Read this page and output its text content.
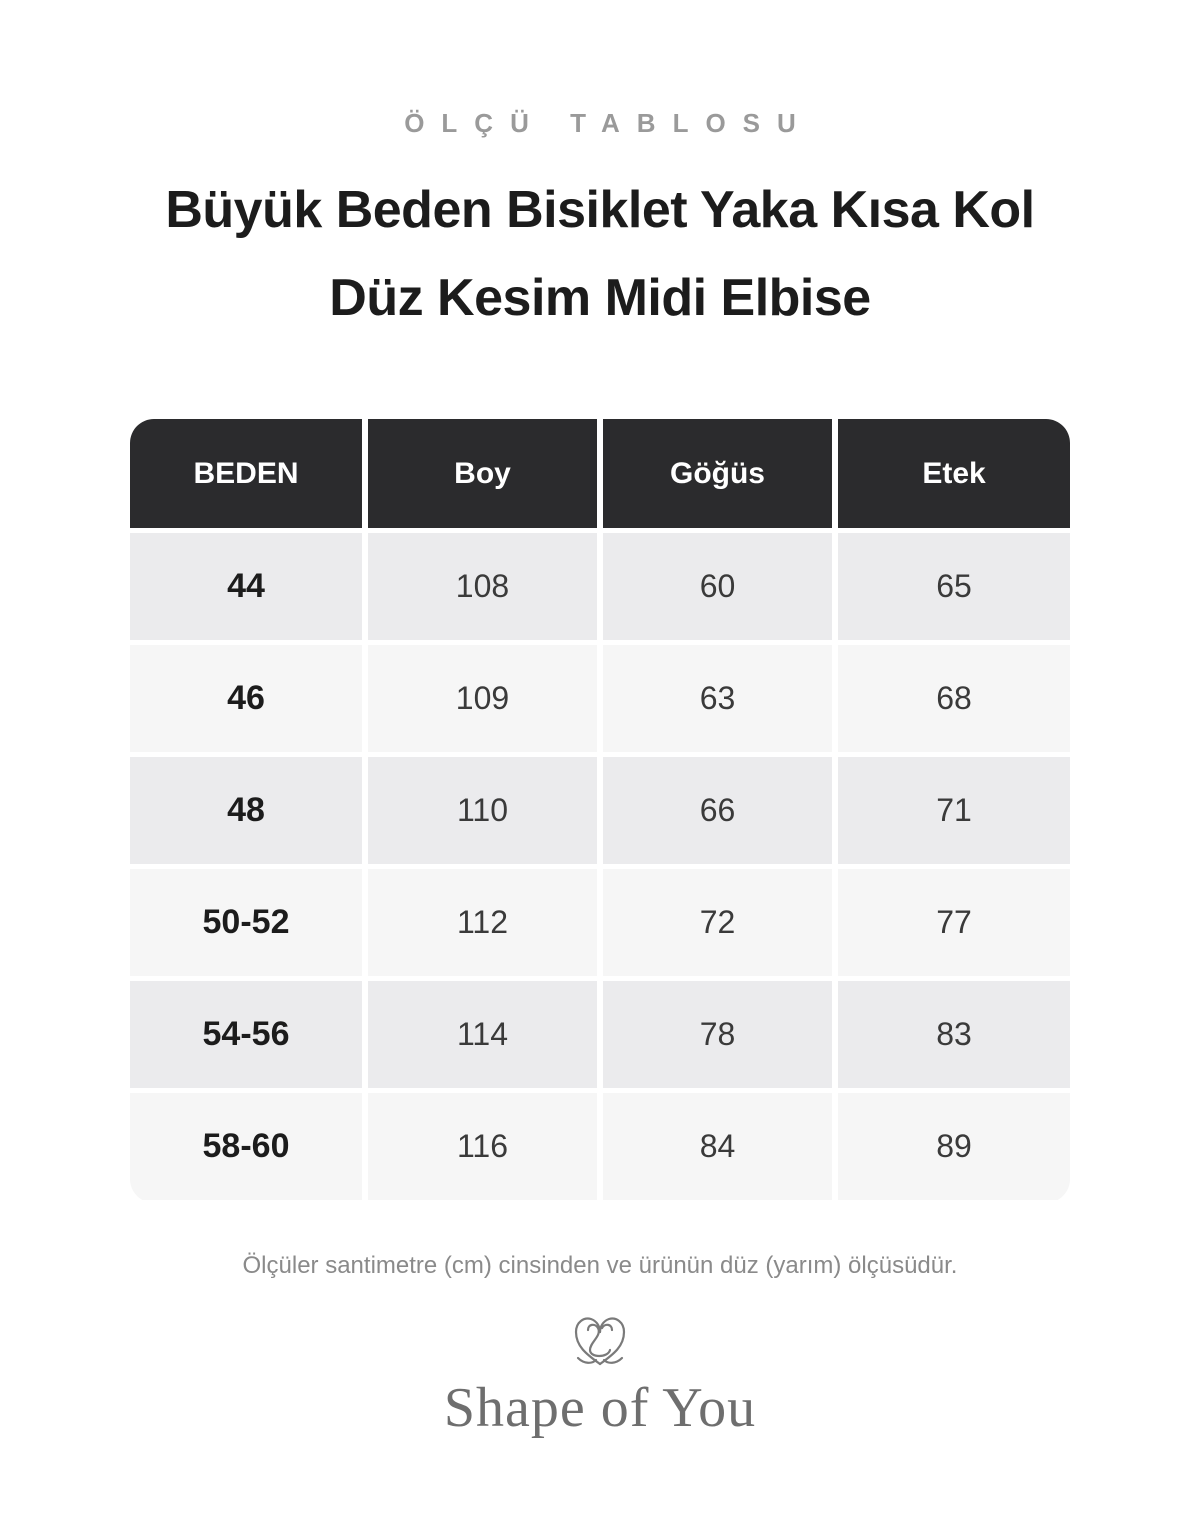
ÖLÇÜ TABLOSU
Büyük Beden Bisiklet Yaka Kısa Kol
Düz Kesim Midi Elbise
BEDEN	Boy	Göğüs	Etek
44	108	60	65
46	109	63	68
48	110	66	71
50-52	112	72	77
54-56	114	78	83
58-60	116	84	89
Ölçüler santimetre (cm) cinsinden ve ürünün düz (yarım) ölçüsüdür.
Shape of You
